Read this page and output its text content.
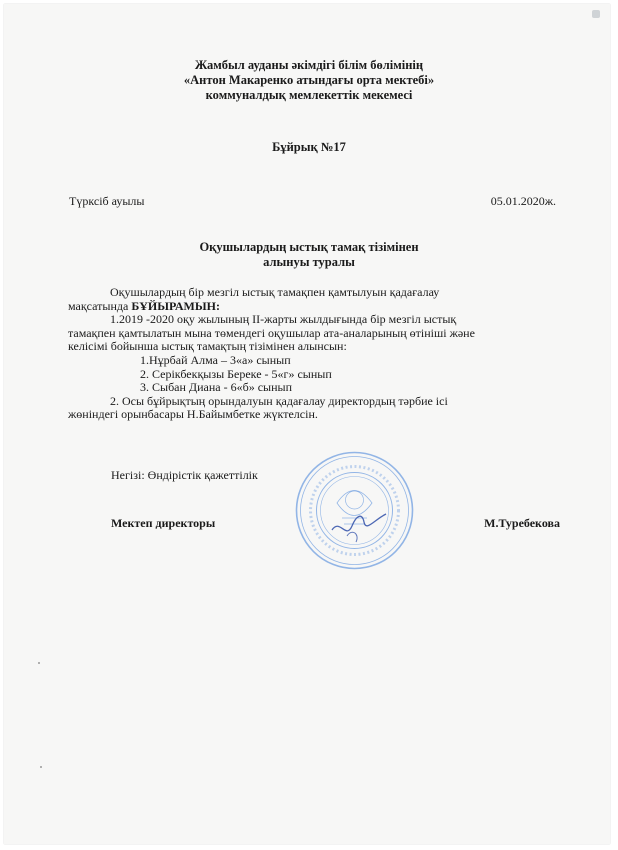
Жамбыл ауданы әкімдігі білім бөлімінің
«Антон Макаренко атындағы орта мектебі»
коммуналдық мемлекеттік мекемесі
Бұйрық №17
Түрксіб ауылы	05.01.2020ж.
Оқушылардың ыстық тамақ тізімінен
алынуы туралы

Оқушылардың бір мезгіл ыстық тамақпен қамтылуын қадағалау

мақсатында БҰЙЫРАМЫН:

1.2019 -2020 оқу жылының ІІ-жарты жылдығында бір мезгіл ыстық

тамақпен қамтылатын мына төмендегі оқушылар ата-аналарының өтініші және

келісімі бойынша ыстық тамақтың тізімінен алынсын:

1.Нұрбай Алма – 3«а» сынып

2. Серікбекқызы Береке - 5«г» сынып

3. Сыбан Диана - 6«б» сынып

2. Осы бұйрықтың орындалуын қадағалау директордың тәрбие ісі

жөніндегі орынбасары Н.Байымбетке жүктелсін.

Негізі: Өндірістік қажеттілік
Мектеп директоры	М.Туребекова
